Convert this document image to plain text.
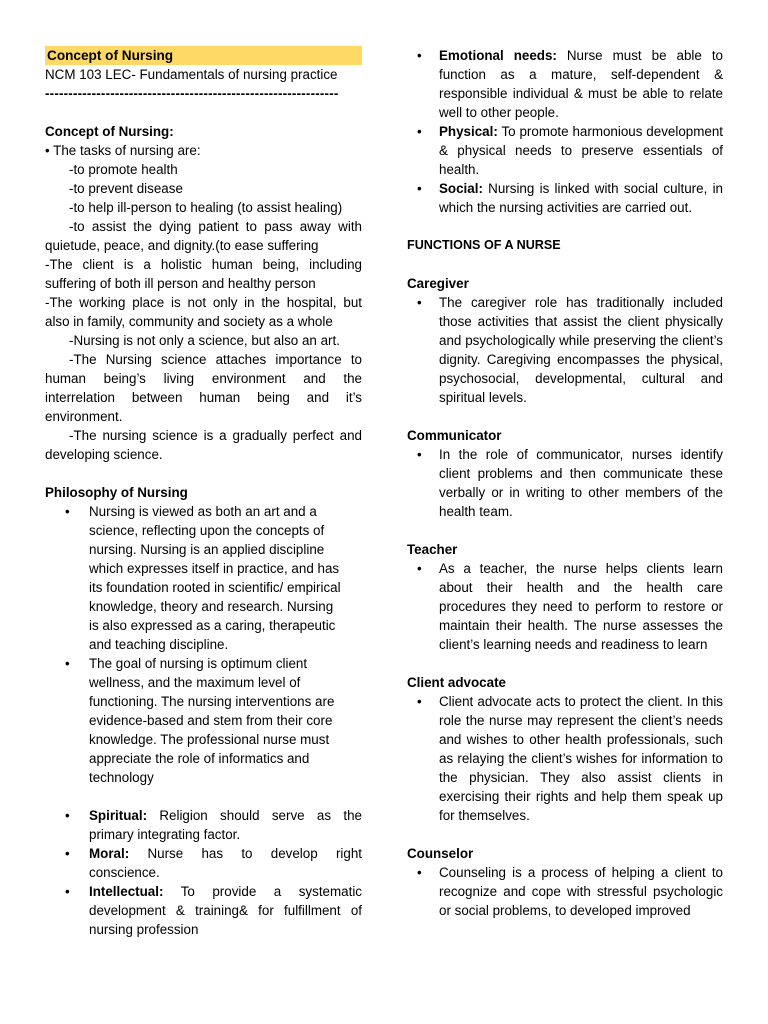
Concept of Nursing
NCM 103 LEC- Fundamentals of nursing practice
---------------------------------------------------------------
Concept of Nursing:
• The tasks of nursing are:
-to promote health
-to prevent disease
-to help ill-person to healing (to assist healing)
-to assist the dying patient to pass away with quietude, peace, and dignity.(to ease suffering
-The client is a holistic human being, including suffering of both ill person and healthy person
-The working place is not only in the hospital, but also in family, community and society as a whole
-Nursing is not only a science, but also an art.
-The Nursing science attaches importance to human being’s living environment and the interrelation between human being and it’s environment.
-The nursing science is a gradually perfect and developing science.
Philosophy of Nursing
• Nursing is viewed as both an art and a science, reflecting upon the concepts of nursing. Nursing is an applied discipline which expresses itself in practice, and has its foundation rooted in scientific/ empirical knowledge, theory and research. Nursing is also expressed as a caring, therapeutic and teaching discipline.
• The goal of nursing is optimum client wellness, and the maximum level of functioning. The nursing interventions are evidence-based and stem from their core knowledge. The professional nurse must appreciate the role of informatics and technology
• Spiritual: Religion should serve as the primary integrating factor.
• Moral: Nurse has to develop right conscience.
• Intellectual: To provide a systematic development & training& for fulfillment of nursing profession
• Emotional needs: Nurse must be able to function as a mature, self-dependent & responsible individual & must be able to relate well to other people.
• Physical: To promote harmonious development & physical needs to preserve essentials of health.
• Social: Nursing is linked with social culture, in which the nursing activities are carried out.
FUNCTIONS OF A NURSE
Caregiver
• The caregiver role has traditionally included those activities that assist the client physically and psychologically while preserving the client’s dignity. Caregiving encompasses the physical, psychosocial, developmental, cultural and spiritual levels.
Communicator
• In the role of communicator, nurses identify client problems and then communicate these verbally or in writing to other members of the health team.
Teacher
• As a teacher, the nurse helps clients learn about their health and the health care procedures they need to perform to restore or maintain their health. The nurse assesses the client’s learning needs and readiness to learn
Client advocate
• Client advocate acts to protect the client. In this role the nurse may represent the client’s needs and wishes to other health professionals, such as relaying the client’s wishes for information to the physician. They also assist clients in exercising their rights and help them speak up for themselves.
Counselor
• Counseling is a process of helping a client to recognize and cope with stressful psychologic or social problems, to developed improved
